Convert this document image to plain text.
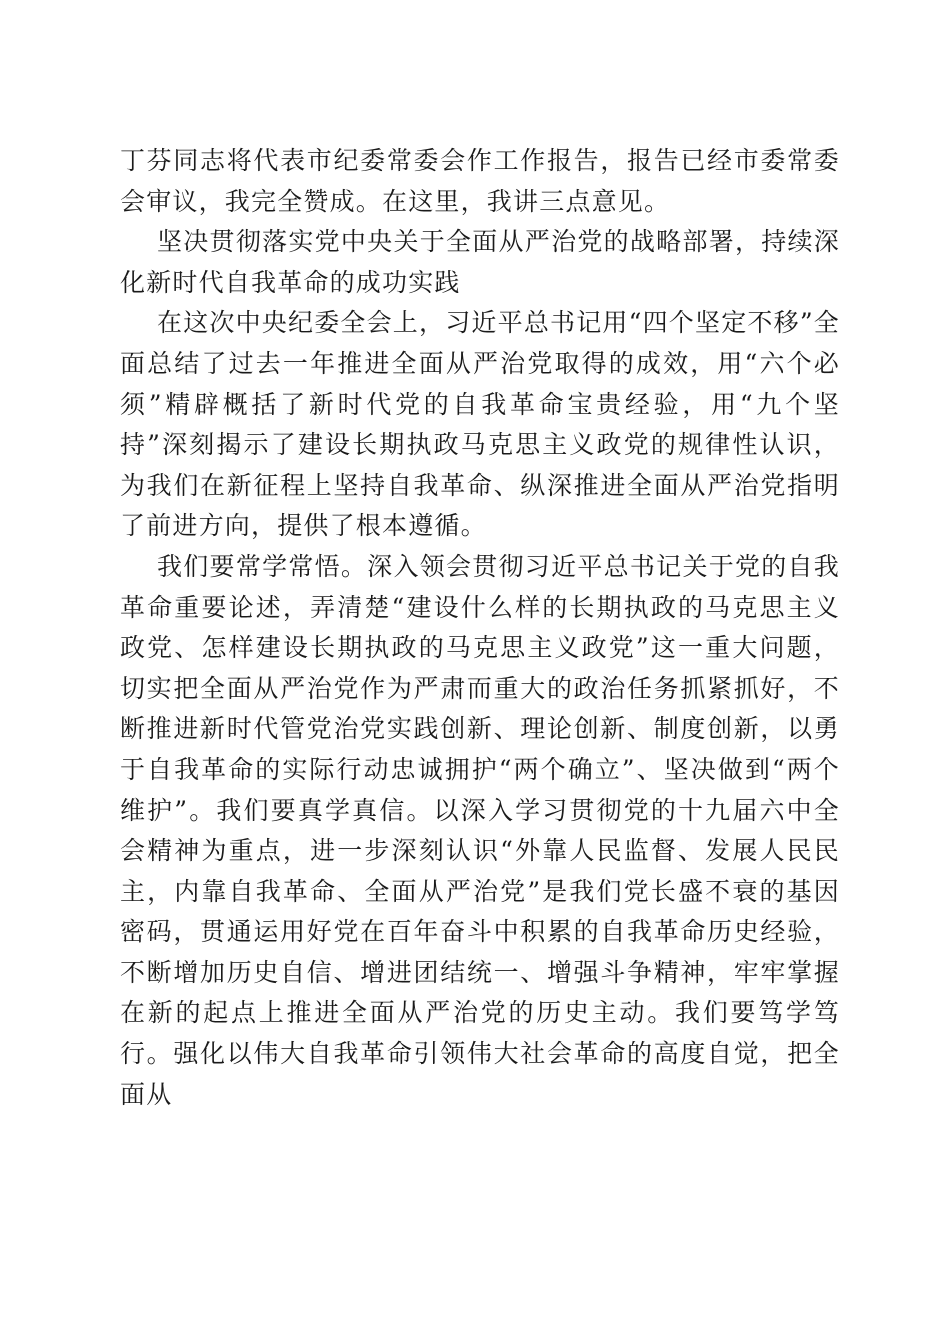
丁芬同志将代表市纪委常委会作工作报告，报告已经市委常委会审议，我完全赞成。在这里，我讲三点意见。

坚决贯彻落实党中央关于全面从严治党的战略部署，持续深化新时代自我革命的成功实践

在这次中央纪委全会上，习近平总书记用“四个坚定不移”全面总结了过去一年推进全面从严治党取得的成效，用“六个必须”精辟概括了新时代党的自我革命宝贵经验，用“九个坚持”深刻揭示了建设长期执政马克思主义政党的规律性认识，为我们在新征程上坚持自我革命、纵深推进全面从严治党指明了前进方向，提供了根本遵循。

我们要常学常悟。深入领会贯彻习近平总书记关于党的自我革命重要论述，弄清楚“建设什么样的长期执政的马克思主义政党、怎样建设长期执政的马克思主义政党”这一重大问题，切实把全面从严治党作为严肃而重大的政治任务抓紧抓好，不断推进新时代管党治党实践创新、理论创新、制度创新，以勇于自我革命的实际行动忠诚拥护“两个确立”、坚决做到“两个维护”。我们要真学真信。以深入学习贯彻党的十九届六中全会精神为重点，进一步深刻认识“外靠人民监督、发展人民民主，内靠自我革命、全面从严治党”是我们党长盛不衰的基因密码，贯通运用好党在百年奋斗中积累的自我革命历史经验，不断增加历史自信、增进团结统一、增强斗争精神，牢牢掌握在新的起点上推进全面从严治党的历史主动。我们要笃学笃行。强化以伟大自我革命引领伟大社会革命的高度自觉，把全面从
